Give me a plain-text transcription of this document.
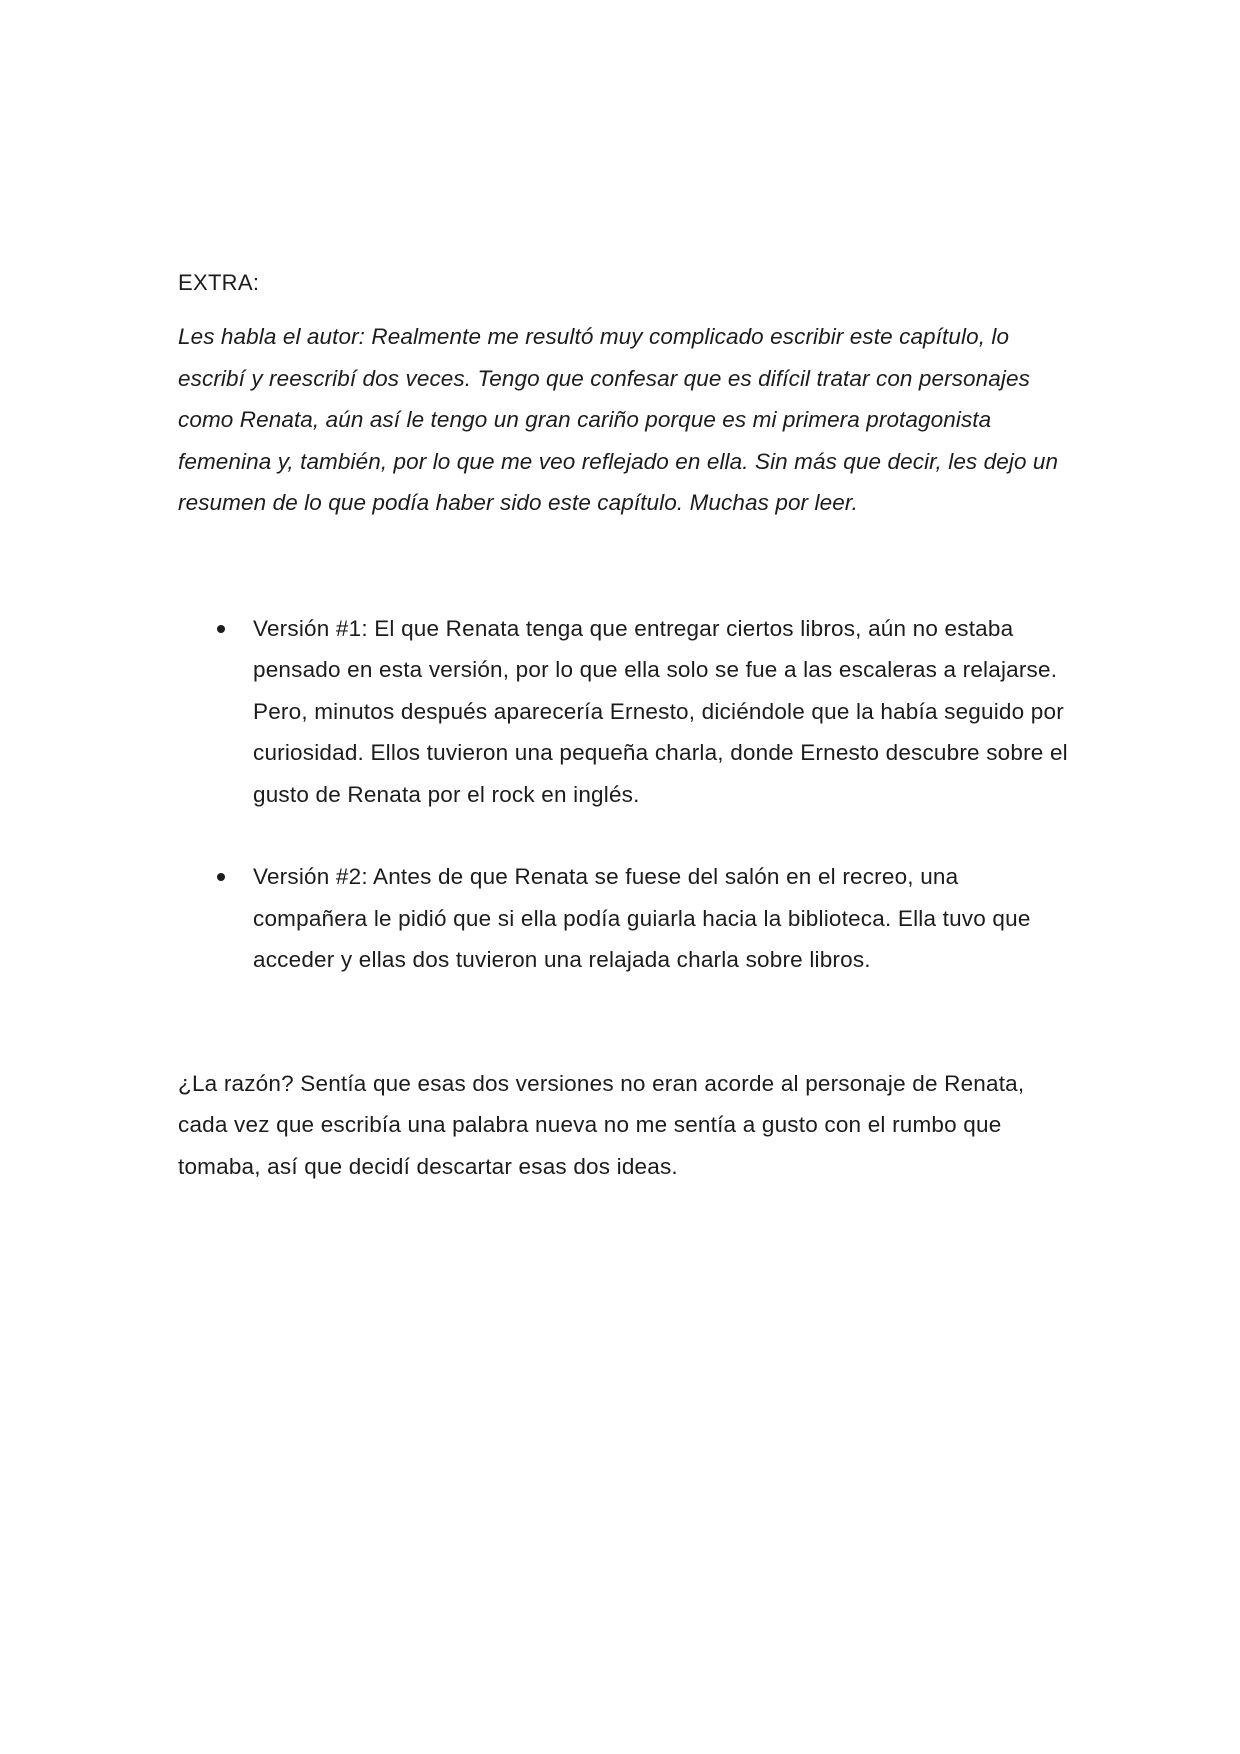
EXTRA:

Les habla el autor: Realmente me resultó muy complicado escribir este capítulo, lo escribí y reescribí dos veces. Tengo que confesar que es difícil tratar con personajes como Renata, aún así le tengo un gran cariño porque es mi primera protagonista femenina y, también, por lo que me veo reflejado en ella. Sin más que decir, les dejo un resumen de lo que podía haber sido este capítulo. Muchas por leer.

Versión #1: El que Renata tenga que entregar ciertos libros, aún no estaba pensado en esta versión, por lo que ella solo se fue a las escaleras a relajarse. Pero, minutos después aparecería Ernesto, diciéndole que la había seguido por curiosidad. Ellos tuvieron una pequeña charla, donde Ernesto descubre sobre el gusto de Renata por el rock en inglés.
Versión #2: Antes de que Renata se fuese del salón en el recreo, una compañera le pidió que si ella podía guiarla hacia la biblioteca. Ella tuvo que acceder y ellas dos tuvieron una relajada charla sobre libros.

¿La razón? Sentía que esas dos versiones no eran acorde al personaje de Renata, cada vez que escribía una palabra nueva no me sentía a gusto con el rumbo que tomaba, así que decidí descartar esas dos ideas.
